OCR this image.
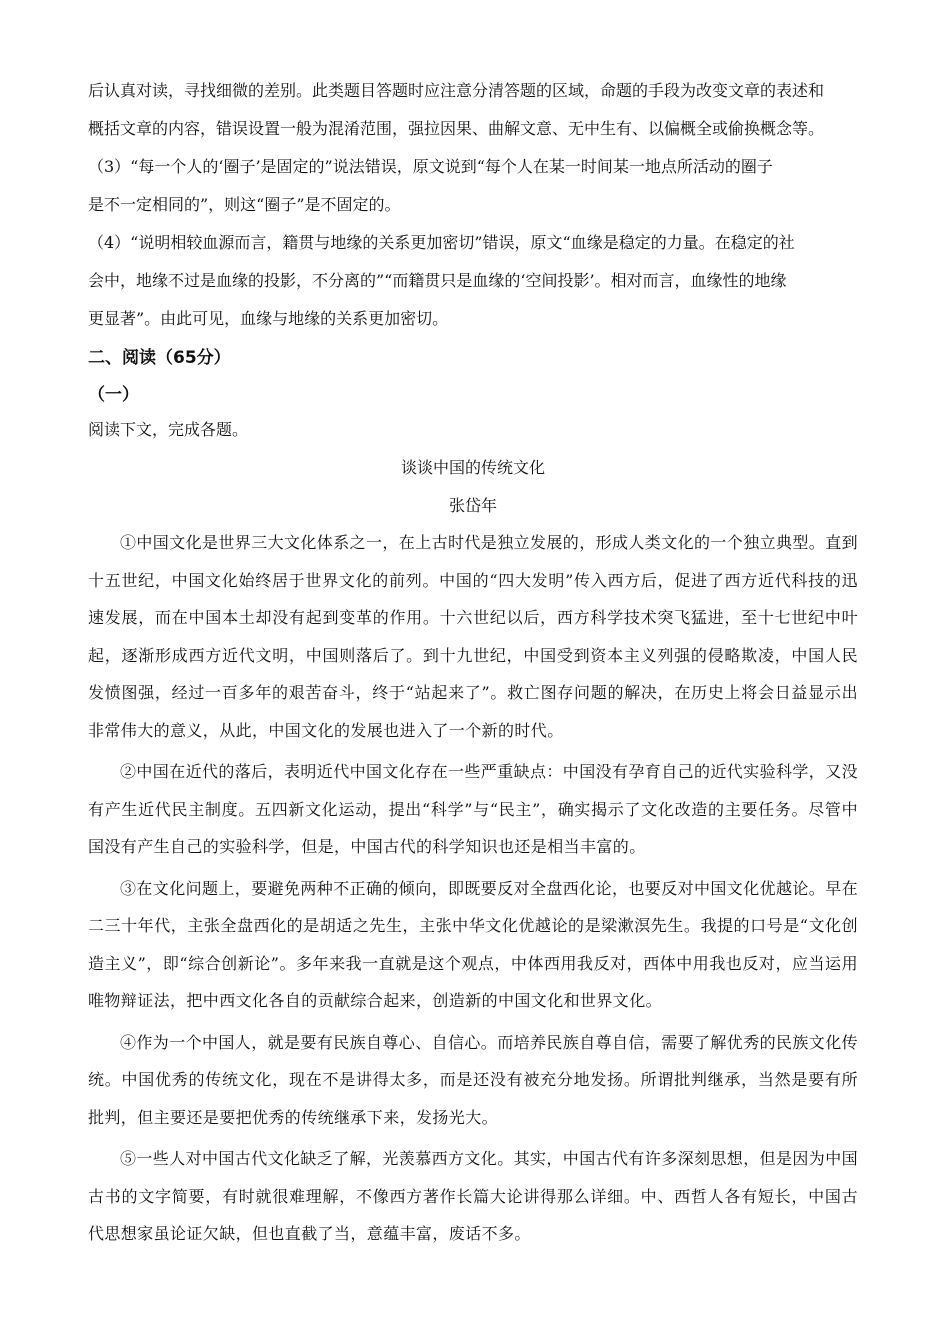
后认真对读，寻找细微的差别。此类题目答题时应注意分清答题的区域，命题的手段为改变文章的表述和
概括文章的内容，错误设置一般为混淆范围，强拉因果、曲解文意、无中生有、以偏概全或偷换概念等。
（3）“每一个人的‘圈子’是固定的”说法错误，原文说到“每个人在某一时间某一地点所活动的圈子
是不一定相同的”，则这“圈子”是不固定的。
（4）“说明相较血源而言，籍贯与地缘的关系更加密切”错误，原文“血缘是稳定的力量。在稳定的社
会中，地缘不过是血缘的投影，不分离的”“而籍贯只是血缘的‘空间投影’。相对而言，血缘性的地缘
更显著”。由此可见，血缘与地缘的关系更加密切。
二、阅读（65分）
（一）
阅读下文，完成各题。
谈谈中国的传统文化
张岱年

①中国文化是世界三大文化体系之一，在上古时代是独立发展的，形成人类文化的一个独立典型。直到十五世纪，中国文化始终居于世界文化的前列。中国的“四大发明”传入西方后，促进了西方近代科技的迅速发展，而在中国本土却没有起到变革的作用。十六世纪以后，西方科学技术突飞猛进，至十七世纪中叶起，逐渐形成西方近代文明，中国则落后了。到十九世纪，中国受到资本主义列强的侵略欺凌，中国人民发愤图强，经过一百多年的艰苦奋斗，终于“站起来了”。救亡图存问题的解决，在历史上将会日益显示出非常伟大的意义，从此，中国文化的发展也进入了一个新的时代。

②中国在近代的落后，表明近代中国文化存在一些严重缺点：中国没有孕育自己的近代实验科学，又没有产生近代民主制度。五四新文化运动，提出“科学”与“民主”，确实揭示了文化改造的主要任务。尽管中国没有产生自己的实验科学，但是，中国古代的科学知识也还是相当丰富的。

③在文化问题上，要避免两种不正确的倾向，即既要反对全盘西化论，也要反对中国文化优越论。早在二三十年代，主张全盘西化的是胡适之先生，主张中华文化优越论的是梁漱溟先生。我提的口号是“文化创造主义”，即“综合创新论”。多年来我一直就是这个观点，中体西用我反对，西体中用我也反对，应当运用唯物辩证法，把中西文化各自的贡献综合起来，创造新的中国文化和世界文化。

④作为一个中国人，就是要有民族自尊心、自信心。而培养民族自尊自信，需要了解优秀的民族文化传统。中国优秀的传统文化，现在不是讲得太多，而是还没有被充分地发扬。所谓批判继承，当然是要有所批判，但主要还是要把优秀的传统继承下来，发扬光大。

⑤一些人对中国古代文化缺乏了解，光羡慕西方文化。其实，中国古代有许多深刻思想，但是因为中国古书的文字简要，有时就很难理解，不像西方著作长篇大论讲得那么详细。中、西哲人各有短长，中国古代思想家虽论证欠缺，但也直截了当，意蕴丰富，废话不多。
